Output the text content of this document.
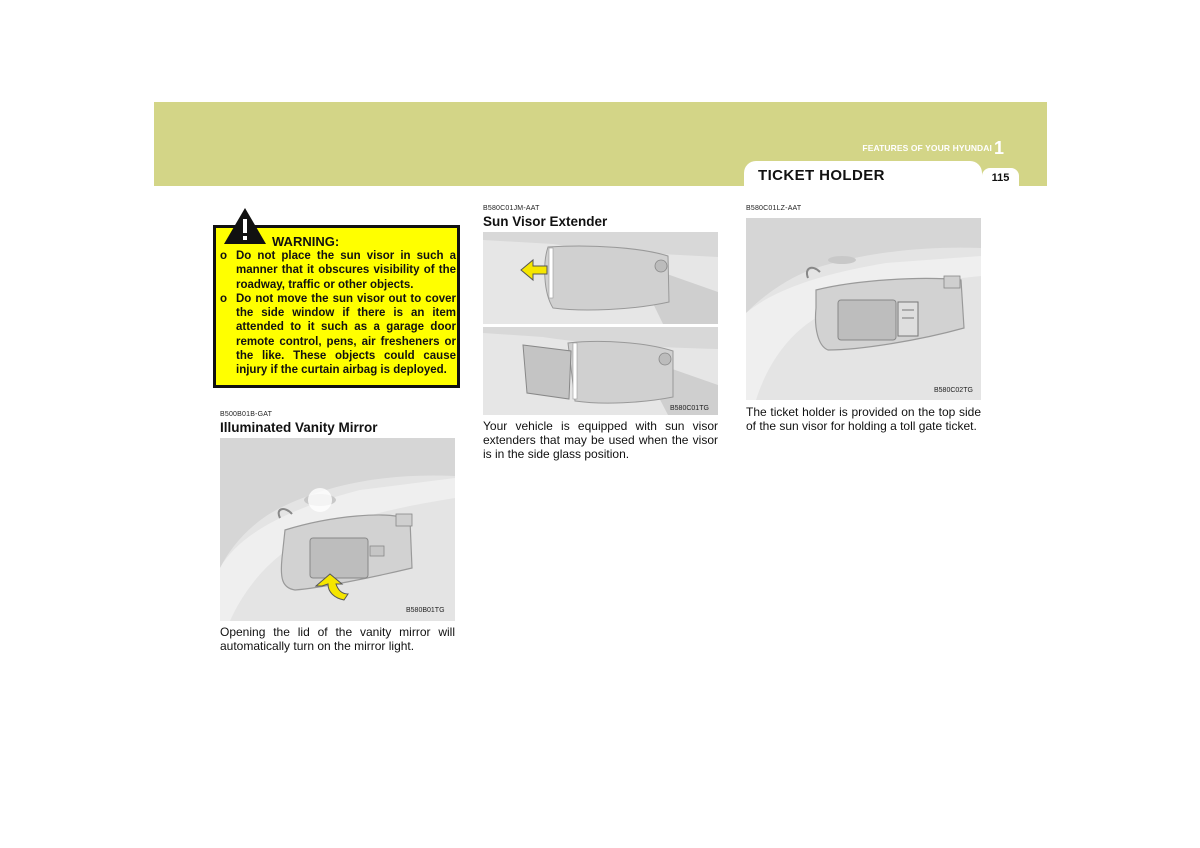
FEATURES OF YOUR HYUNDAI 1
TICKET HOLDER	115
WARNING:
o Do not place the sun visor in such a manner that it obscures visibility of the roadway, traffic or other objects.
o Do not move the sun visor out to cover the side window if there is an item attended to it such as a garage door remote control, pens, air fresheners or the like. These objects could cause injury if the curtain airbag is deployed.
B500B01B-GAT
Illuminated Vanity Mirror
B580B01TG
Opening the lid of the vanity mirror will automatically turn on the mirror light.
B580C01JM-AAT
Sun Visor Extender
B580C01TG
Your vehicle is equipped with sun visor extenders that may be used when the visor is in the side glass position.
B580C01LZ-AAT
B580C02TG
The ticket holder is provided on the top side of the sun visor for holding a toll gate ticket.
